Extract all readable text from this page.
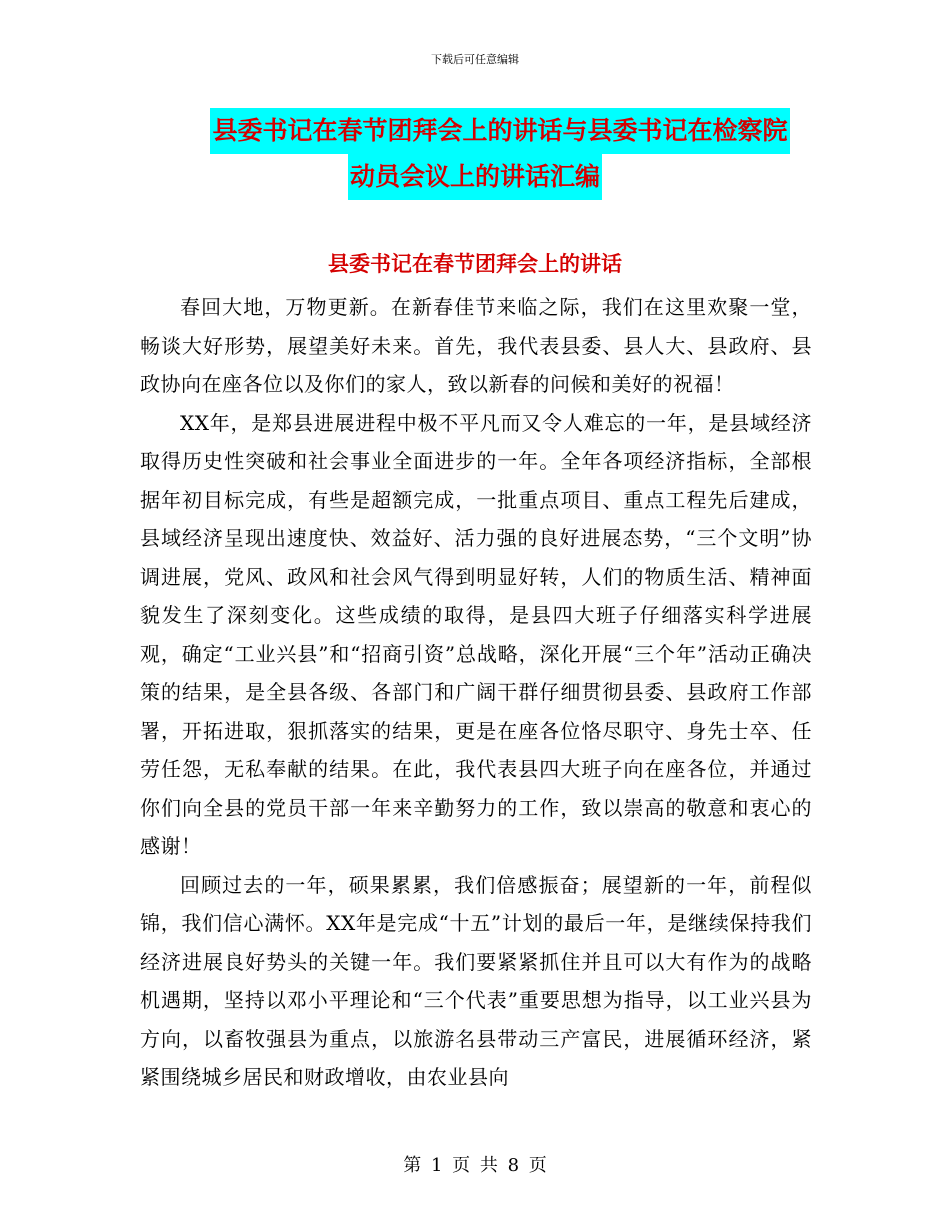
下载后可任意编辑
县委书记在春节团拜会上的讲话与县委书记在检察院
动员会议上的讲话汇编
县委书记在春节团拜会上的讲话

春回大地，万物更新。在新春佳节来临之际，我们在这里欢聚一堂，畅谈大好形势，展望美好未来。首先，我代表县委、县人大、县政府、县政协向在座各位以及你们的家人，致以新春的问候和美好的祝福！

XX年，是郑县进展进程中极不平凡而又令人难忘的一年，是县域经济取得历史性突破和社会事业全面进步的一年。全年各项经济指标，全部根据年初目标完成，有些是超额完成，一批重点项目、重点工程先后建成，县域经济呈现出速度快、效益好、活力强的良好进展态势，“三个文明”协调进展，党风、政风和社会风气得到明显好转，人们的物质生活、精神面貌发生了深刻变化。这些成绩的取得，是县四大班子仔细落实科学进展观，确定“工业兴县”和“招商引资”总战略，深化开展“三个年”活动正确决策的结果，是全县各级、各部门和广阔干群仔细贯彻县委、县政府工作部署，开拓进取，狠抓落实的结果，更是在座各位恪尽职守、身先士卒、任劳任怨，无私奉献的结果。在此，我代表县四大班子向在座各位，并通过你们向全县的党员干部一年来辛勤努力的工作，致以崇高的敬意和衷心的感谢！

回顾过去的一年，硕果累累，我们倍感振奋；展望新的一年，前程似锦，我们信心满怀。XX年是完成“十五”计划的最后一年，是继续保持我们经济进展良好势头的关键一年。我们要紧紧抓住并且可以大有作为的战略机遇期，坚持以邓小平理论和“三个代表”重要思想为指导，以工业兴县为方向，以畜牧强县为重点，以旅游名县带动三产富民，进展循环经济，紧紧围绕城乡居民和财政增收，由农业县向

第 1 页 共 8 页
